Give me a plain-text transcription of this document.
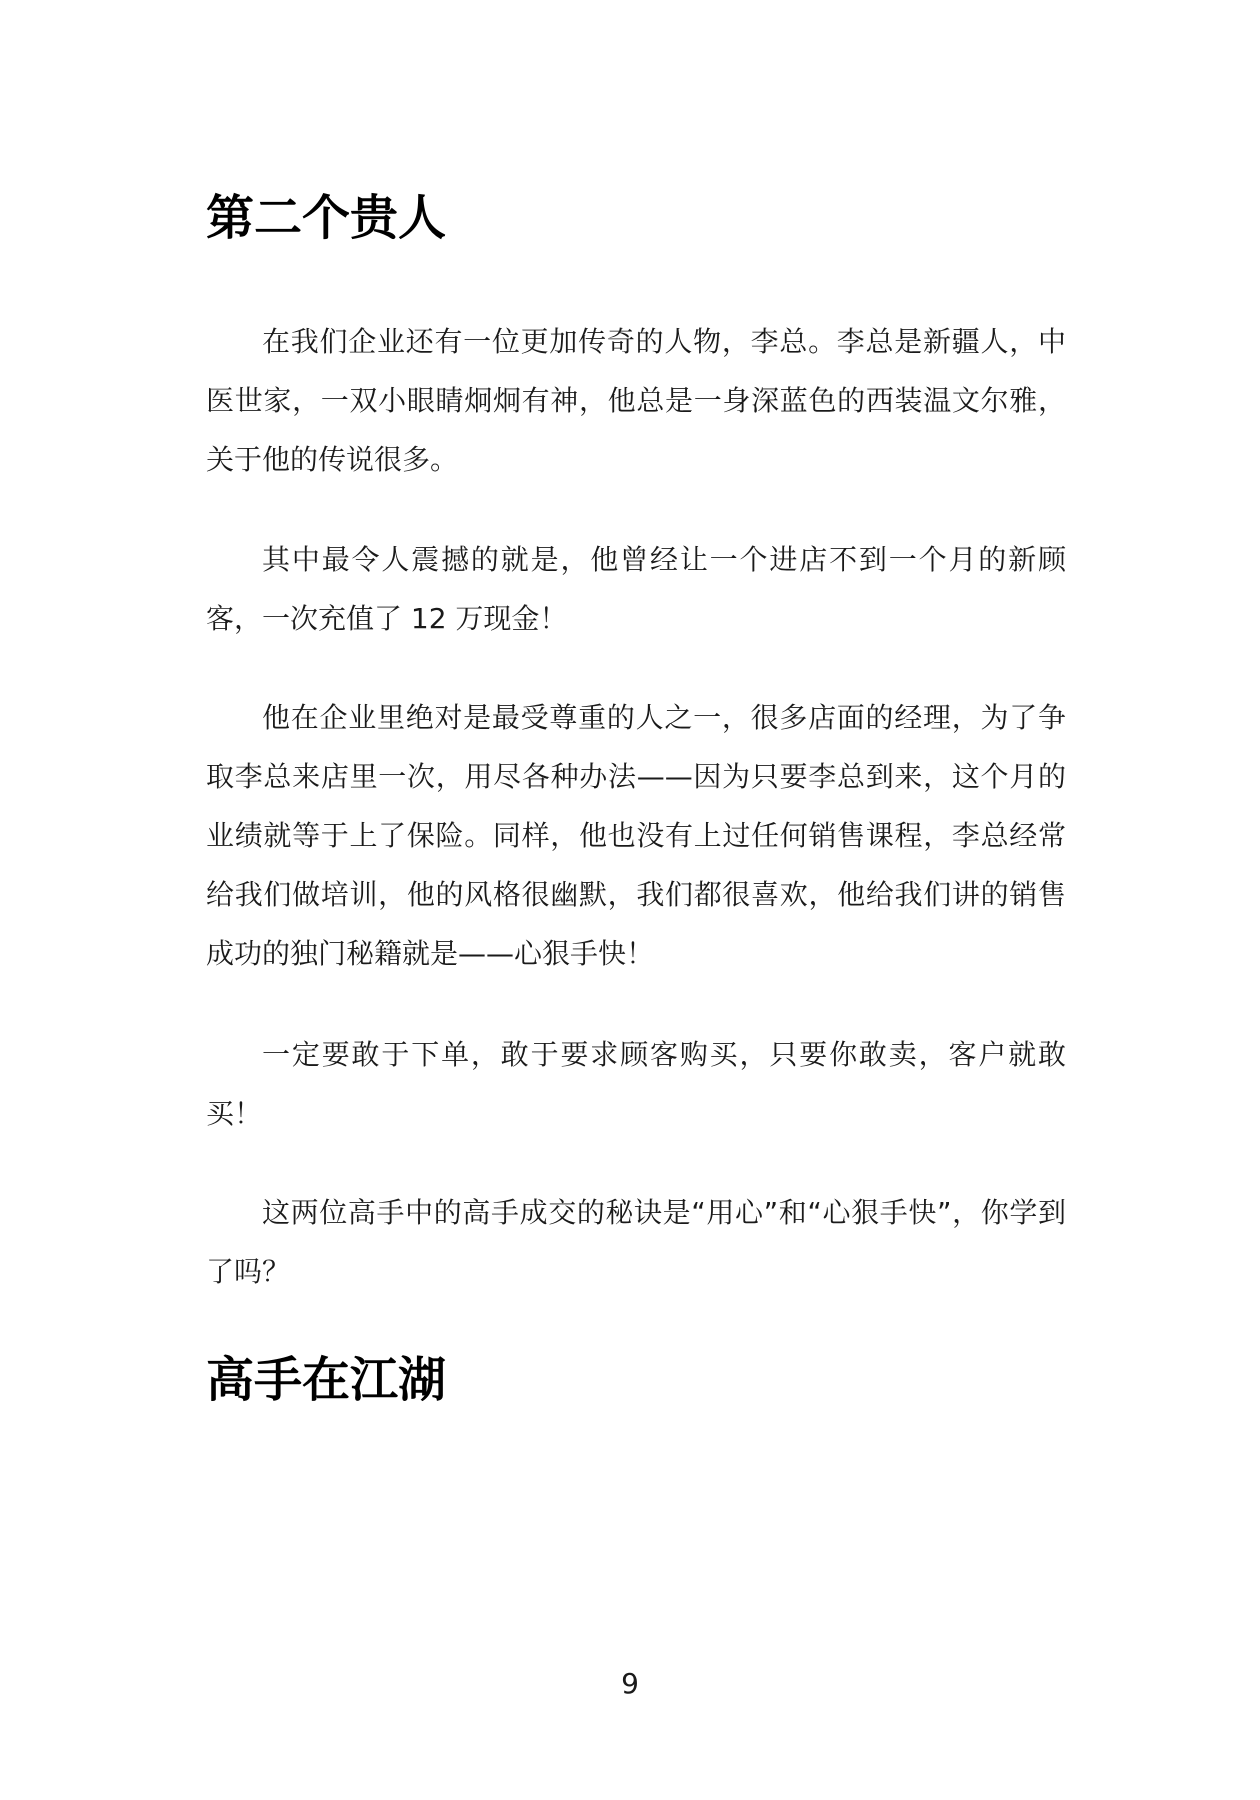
第二个贵人

在我们企业还有一位更加传奇的人物，李总。李总是新疆人，中医世家，一双小眼睛炯炯有神，他总是一身深蓝色的西装温文尔雅，关于他的传说很多。

其中最令人震撼的就是，他曾经让一个进店不到一个月的新顾客，一次充值了 12 万现金！

他在企业里绝对是最受尊重的人之一，很多店面的经理，为了争取李总来店里一次，用尽各种办法——因为只要李总到来，这个月的业绩就等于上了保险。同样，他也没有上过任何销售课程，李总经常给我们做培训，他的风格很幽默，我们都很喜欢，他给我们讲的销售成功的独门秘籍就是——心狠手快！

一定要敢于下单，敢于要求顾客购买，只要你敢卖，客户就敢买！

这两位高手中的高手成交的秘诀是“用心”和“心狠手快”，你学到了吗？

高手在江湖
9
